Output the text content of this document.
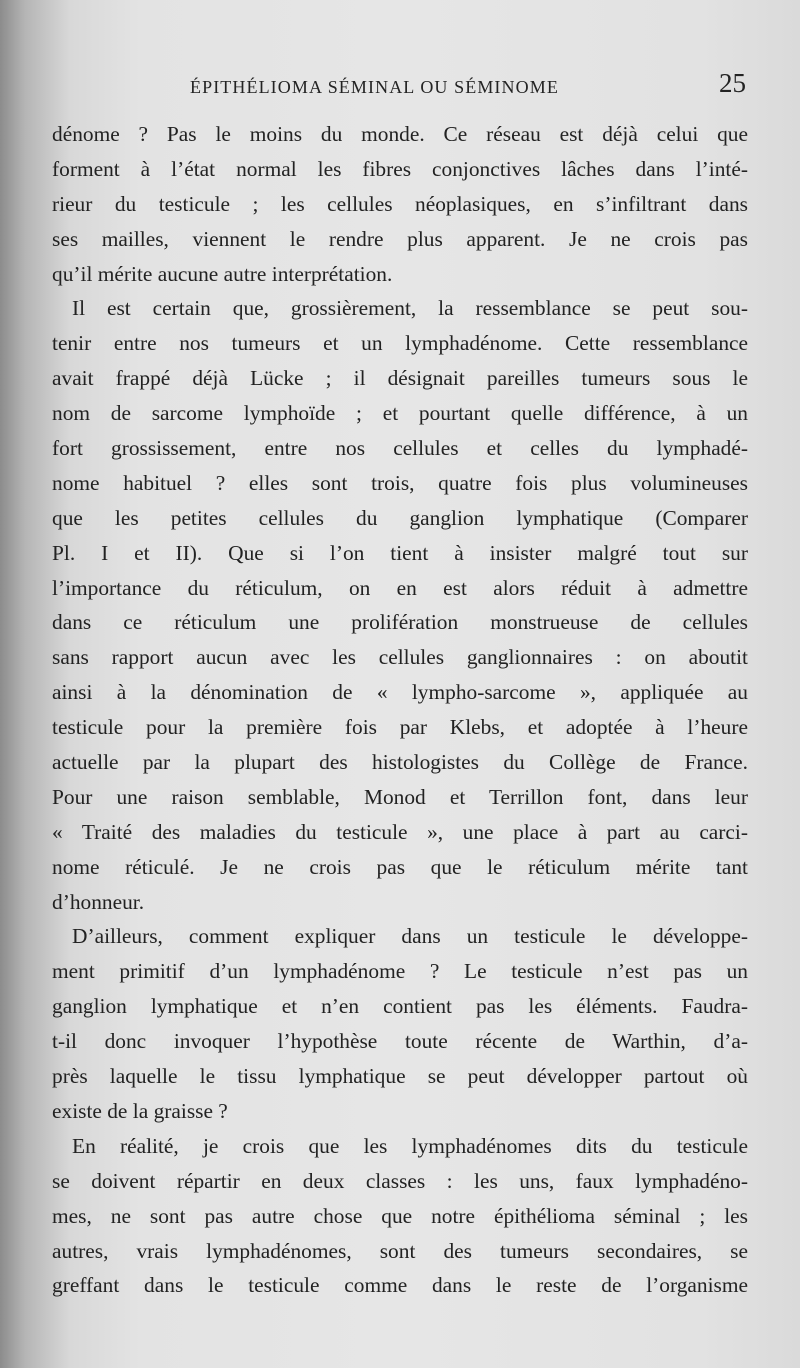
ÉPITHÉLIOMA SÉMINAL OU SÉMINOME	25
dénome ? Pas le moins du monde. Ce réseau est déjà celui que
forment à l’état normal les fibres conjonctives lâches dans l’inté-
rieur du testicule ; les cellules néoplasiques, en s’infiltrant dans
ses mailles, viennent le rendre plus apparent. Je ne crois pas
qu’il mérite aucune autre interprétation.
Il est certain que, grossièrement, la ressemblance se peut sou-
tenir entre nos tumeurs et un lymphadénome. Cette ressemblance
avait frappé déjà Lücke ; il désignait pareilles tumeurs sous le
nom de sarcome lymphoïde ; et pourtant quelle différence, à un
fort grossissement, entre nos cellules et celles du lymphadé-
nome habituel ? elles sont trois, quatre fois plus volumineuses
que les petites cellules du ganglion lymphatique (Comparer
Pl. I et II). Que si l’on tient à insister malgré tout sur
l’importance du réticulum, on en est alors réduit à admettre
dans ce réticulum une prolifération monstrueuse de cellules
sans rapport aucun avec les cellules ganglionnaires : on aboutit
ainsi à la dénomination de « lympho-sarcome », appliquée au
testicule pour la première fois par Klebs, et adoptée à l’heure
actuelle par la plupart des histologistes du Collège de France.
Pour une raison semblable, Monod et Terrillon font, dans leur
« Traité des maladies du testicule », une place à part au carci-
nome réticulé. Je ne crois pas que le réticulum mérite tant
d’honneur.
D’ailleurs, comment expliquer dans un testicule le développe-
ment primitif d’un lymphadénome ? Le testicule n’est pas un
ganglion lymphatique et n’en contient pas les éléments. Faudra-
t-il donc invoquer l’hypothèse toute récente de Warthin, d’a-
près laquelle le tissu lymphatique se peut développer partout où
existe de la graisse ?
En réalité, je crois que les lymphadénomes dits du testicule
se doivent répartir en deux classes : les uns, faux lymphadéno-
mes, ne sont pas autre chose que notre épithélioma séminal ; les
autres, vrais lymphadénomes, sont des tumeurs secondaires, se
greffant dans le testicule comme dans le reste de l’organisme
